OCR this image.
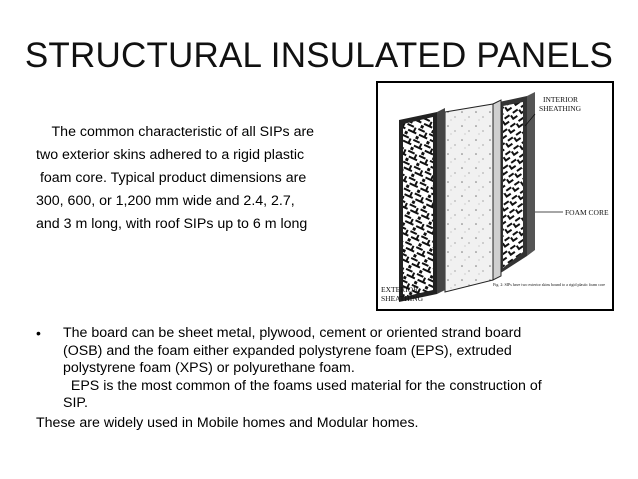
STRUCTURAL INSULATED PANELS
The common characteristic of all SIPs are
two exterior skins adhered to a rigid plastic
foam core. Typical product dimensions are
300, 600, or 1,200 mm wide and 2.4, 2.7,
and 3 m long, with roof SIPs up to 6 m long
INTERIOR
SHEATHING
FOAM CORE
EXTERIOR
SHEATHING
Fig. 2: SIPs have two exterior skins bound to a rigid plastic foam core
•	The board can be sheet metal, plywood, cement or oriented strand board
(OSB) and the foam either expanded polystyrene foam (EPS), extruded
polystyrene foam (XPS) or polyurethane foam.
EPS is the most common of the foams used material for the construction of
SIP.
These are widely used in Mobile homes and Modular homes.
